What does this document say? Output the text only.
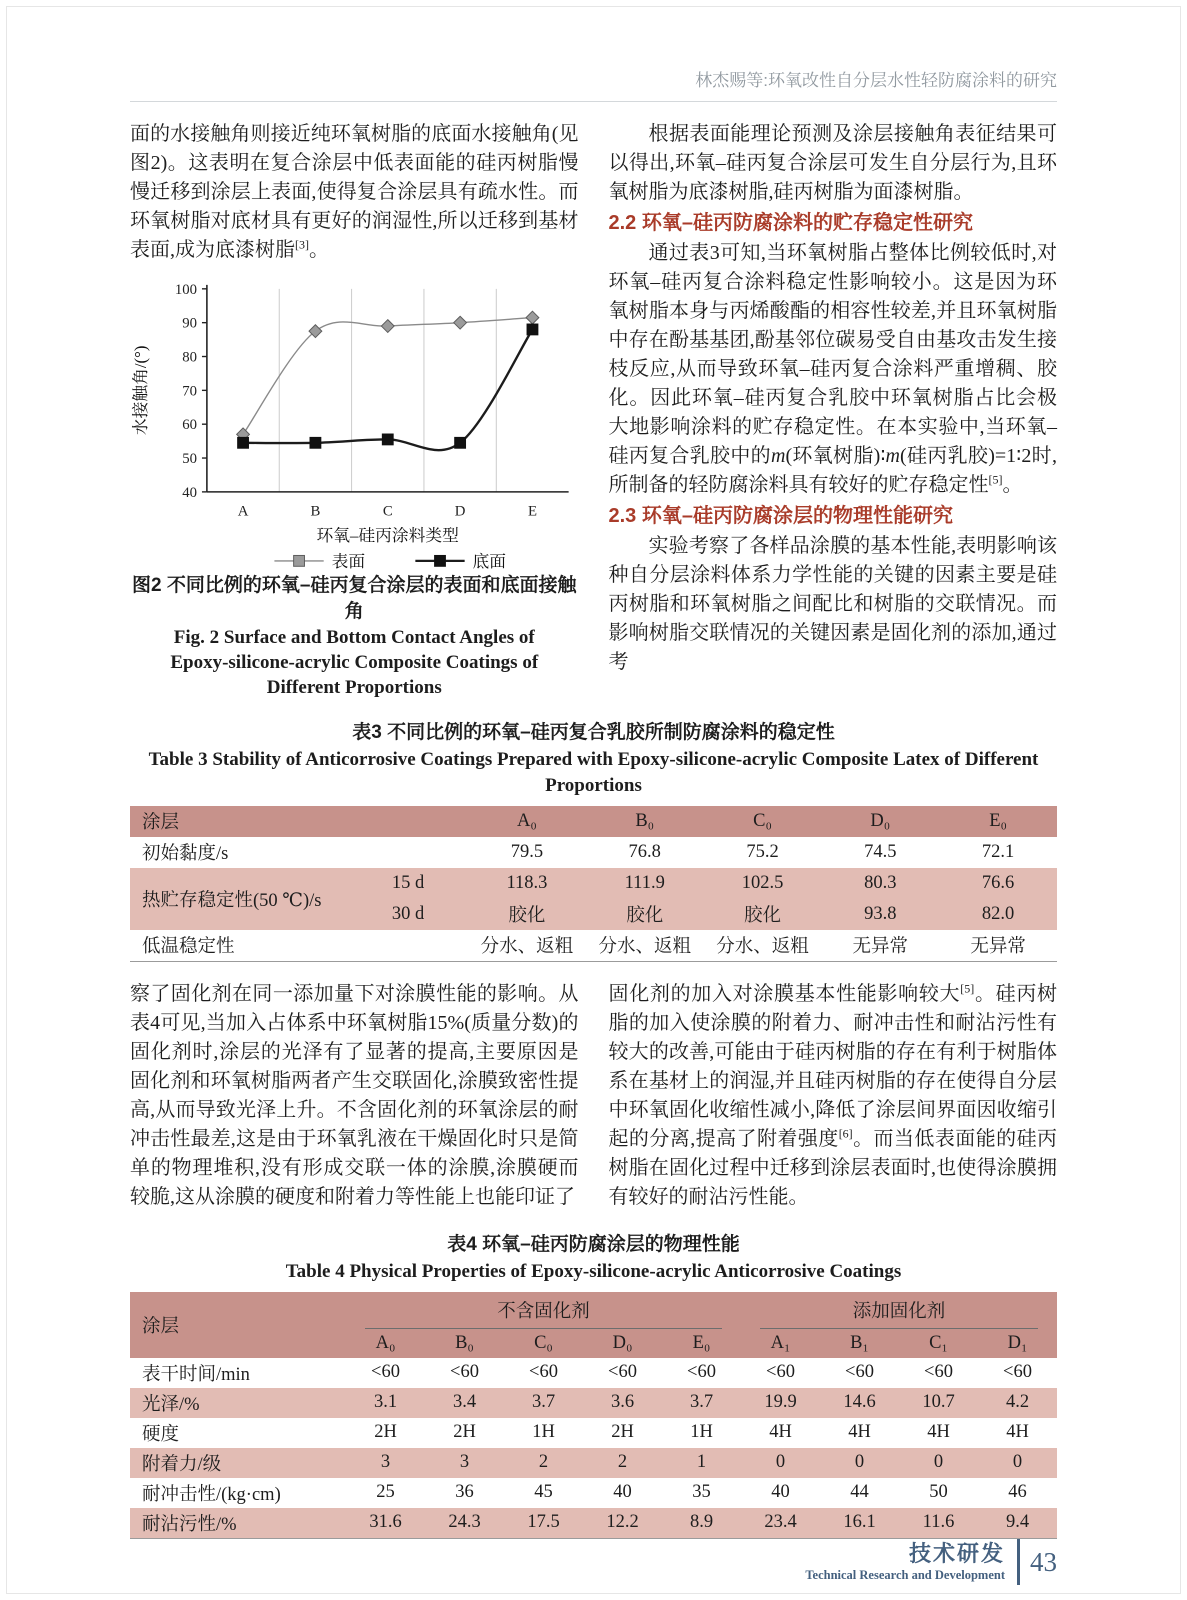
林杰赐等:环氧改性自分层水性轻防腐涂料的研究

面的水接触角则接近纯环氧树脂的底面水接触角(见图2)。这表明在复合涂层中低表面能的硅丙树脂慢慢迁移到涂层上表面,使得复合涂层具有疏水性。而环氧树脂对底材具有更好的润湿性,所以迁移到基材表面,成为底漆树脂[3]。

40
50
60
70
80
90
100
A	B	C	D	E
水接触角/(°)
环氧–硅丙涂料类型
表面	底面
图2 不同比例的环氧–硅丙复合涂层的表面和底面接触角
Fig. 2 Surface and Bottom Contact Angles of
Epoxy-silicone-acrylic Composite Coatings of
Different Proportions

根据表面能理论预测及涂层接触角表征结果可以得出,环氧–硅丙复合涂层可发生自分层行为,且环氧树脂为底漆树脂,硅丙树脂为面漆树脂。

2.2 环氧–硅丙防腐涂料的贮存稳定性研究

通过表3可知,当环氧树脂占整体比例较低时,对环氧–硅丙复合涂料稳定性影响较小。这是因为环氧树脂本身与丙烯酸酯的相容性较差,并且环氧树脂中存在酚基基团,酚基邻位碳易受自由基攻击发生接枝反应,从而导致环氧–硅丙复合涂料严重增稠、胶化。因此环氧–硅丙复合乳胶中环氧树脂占比会极大地影响涂料的贮存稳定性。在本实验中,当环氧–硅丙复合乳胶中的m(环氧树脂)∶m(硅丙乳胶)=1∶2时,所制备的轻防腐涂料具有较好的贮存稳定性[5]。

2.3 环氧–硅丙防腐涂层的物理性能研究

实验考察了各样品涂膜的基本性能,表明影响该种自分层涂料体系力学性能的关键的因素主要是硅丙树脂和环氧树脂之间配比和树脂的交联情况。而影响树脂交联情况的关键因素是固化剂的添加,通过考

表3 不同比例的环氧–硅丙复合乳胶所制防腐涂料的稳定性
Table 3 Stability of Anticorrosive Coatings Prepared with Epoxy-silicone-acrylic Composite Latex of Different Proportions
涂层		A₀	B₀	C₀	D₀	E₀
初始黏度/s		79.5	76.8	75.2	74.5	72.1
热贮存稳定性(50 ℃)/s	15 d	118.3	111.9	102.5	80.3	76.6
	30 d	胶化	胶化	胶化	93.8	82.0
低温稳定性		分水、返粗	分水、返粗	分水、返粗	无异常	无异常

察了固化剂在同一添加量下对涂膜性能的影响。从表4可见,当加入占体系中环氧树脂15%(质量分数)的固化剂时,涂层的光泽有了显著的提高,主要原因是固化剂和环氧树脂两者产生交联固化,涂膜致密性提高,从而导致光泽上升。不含固化剂的环氧涂层的耐冲击性最差,这是由于环氧乳液在干燥固化时只是简单的物理堆积,没有形成交联一体的涂膜,涂膜硬而较脆,这从涂膜的硬度和附着力等性能上也能印证了

固化剂的加入对涂膜基本性能影响较大[5]。硅丙树脂的加入使涂膜的附着力、耐冲击性和耐沾污性有较大的改善,可能由于硅丙树脂的存在有利于树脂体系在基材上的润湿,并且硅丙树脂的存在使得自分层中环氧固化收缩性减小,降低了涂层间界面因收缩引起的分离,提高了附着强度[6]。而当低表面能的硅丙树脂在固化过程中迁移到涂层表面时,也使得涂膜拥有较好的耐沾污性能。

表4 环氧–硅丙防腐涂层的物理性能
Table 4 Physical Properties of Epoxy-silicone-acrylic Anticorrosive Coatings
涂层	不含固化剂					添加固化剂			

	A₀	B₀	C₀	D₀	E₀	A₁	B₁	C₁	D₁
表干时间/min	<60	<60	<60	<60	<60	<60	<60	<60	<60
光泽/%	3.1	3.4	3.7	3.6	3.7	19.9	14.6	10.7	4.2
硬度	2H	2H	1H	2H	1H	4H	4H	4H	4H
附着力/级	3	3	2	2	1	0	0	0	0
耐冲击性/(kg·cm)	25	36	45	40	35	40	44	50	46
耐沾污性/%	31.6	24.3	17.5	12.2	8.9	23.4	16.1	11.6	9.4
技术研发
Technical Research and Development 43
